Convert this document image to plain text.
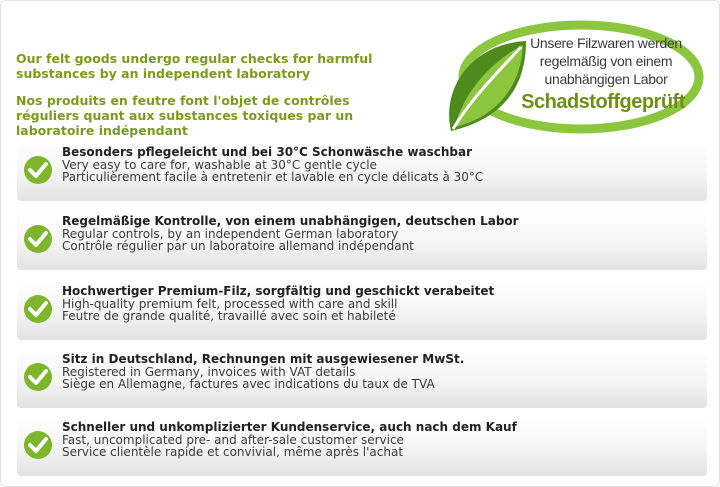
Our felt goods undergo regular checks for harmful substances by an independent laboratory

Nos produits en feutre font l'objet de contrôles réguliers quant aux substances toxiques par un laboratoire indépendant

Unsere Filzwaren werden
regelmäßig von einem
unabhängigen Labor
Schadstoffgeprüft
Besonders pflegeleicht und bei 30°C Schonwäsche waschbar
Very easy to care for, washable at 30°C gentle cycle
Particulièrement facile à entretenir et lavable en cycle délicats à 30°C
Regelmäßige Kontrolle, von einem unabhängigen, deutschen Labor
Regular controls, by an independent German laboratory
Contrôle régulier par un laboratoire allemand indépendant
Hochwertiger Premium-Filz, sorgfältig und geschickt verabeitet
High-quality premium felt, processed with care and skill
Feutre de grande qualité, travaillé avec soin et habileté
Sitz in Deutschland, Rechnungen mit ausgewiesener MwSt.
Registered in Germany, invoices with VAT details
Siège en Allemagne, factures avec indications du taux de TVA
Schneller und unkomplizierter Kundenservice, auch nach dem Kauf
Fast, uncomplicated pre- and after-sale customer service
Service clientèle rapide et convivial, même après l'achat
